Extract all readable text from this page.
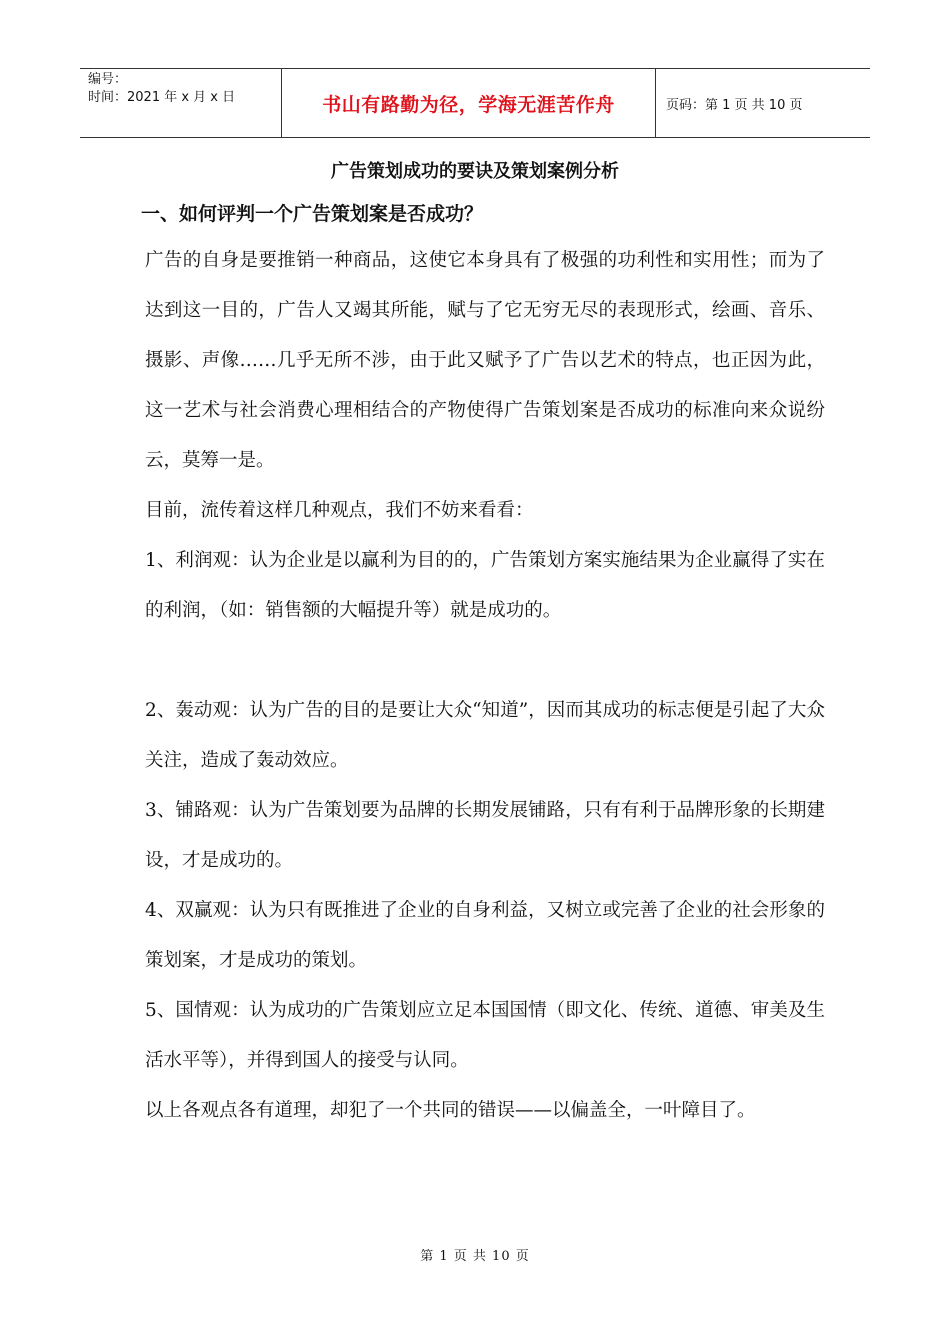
编号：
时间：2021 年 x 月 x 日	书山有路勤为径，学海无涯苦作舟	页码：第 1 页 共 10 页
广告策划成功的要诀及策划案例分析
一、如何评判一个广告策划案是否成功？

广告的自身是要推销一种商品，这使它本身具有了极强的功利性和实用性；而为了达到这一目的，广告人又竭其所能，赋与了它无穷无尽的表现形式，绘画、音乐、摄影、声像……几乎无所不涉，由于此又赋予了广告以艺术的特点，也正因为此，这一艺术与社会消费心理相结合的产物使得广告策划案是否成功的标准向来众说纷云，莫筹一是。

目前，流传着这样几种观点，我们不妨来看看：

1、利润观：认为企业是以赢利为目的的，广告策划方案实施结果为企业赢得了实在的利润，（如：销售额的大幅提升等）就是成功的。

2、轰动观：认为广告的目的是要让大众“知道”，因而其成功的标志便是引起了大众关注，造成了轰动效应。

3、铺路观：认为广告策划要为品牌的长期发展铺路，只有有利于品牌形象的长期建设，才是成功的。

4、双赢观：认为只有既推进了企业的自身利益，又树立或完善了企业的社会形象的策划案，才是成功的策划。

5、国情观：认为成功的广告策划应立足本国国情（即文化、传统、道德、审美及生活水平等），并得到国人的接受与认同。

以上各观点各有道理，却犯了一个共同的错误——以偏盖全，一叶障目了。

第 1 页 共 10 页
